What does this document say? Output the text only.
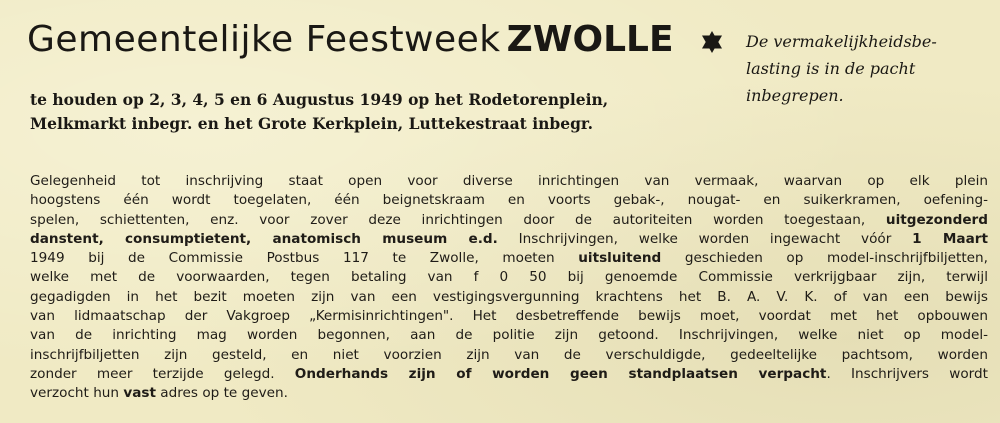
Gemeentelijke Feestweek ZWOLLE
te houden op 2, 3, 4, 5 en 6 Augustus 1949 op het Rodetorenplein,
Melkmarkt inbegr. en het Grote Kerkplein, Luttekestraat inbegr.
De vermakelijkheidsbe-
lasting is in de pacht
inbegrepen.
Gelegenheid tot inschrijving staat open voor diverse inrichtingen van vermaak, waarvan op elk plein
hoogstens één wordt toegelaten, één beignetskraam en voorts gebak-, nougat- en suikerkramen, oefening-
spelen, schiettenten, enz. voor zover deze inrichtingen door de autoriteiten worden toegestaan, uitgezonderd
danstent, consumptietent, anatomisch museum e.d. Inschrijvingen, welke worden ingewacht vóór 1 Maart
1949 bij de Commissie Postbus 117 te Zwolle, moeten uitsluitend geschieden op model-inschrijfbiljetten,
welke met de voorwaarden, tegen betaling van f 0 50 bij genoemde Commissie verkrijgbaar zijn, terwijl
gegadigden in het bezit moeten zijn van een vestigingsvergunning krachtens het B. A. V. K. of van een bewijs
van lidmaatschap der Vakgroep „Kermisinrichtingen". Het desbetreffende bewijs moet, voordat met het opbouwen
van de inrichting mag worden begonnen, aan de politie zijn getoond. Inschrijvingen, welke niet op model-
inschrijfbiljetten zijn gesteld, en niet voorzien zijn van de verschuldigde, gedeeltelijke pachtsom, worden
zonder meer terzijde gelegd. Onderhands zijn of worden geen standplaatsen verpacht. Inschrijvers wordt
verzocht hun vast adres op te geven.
